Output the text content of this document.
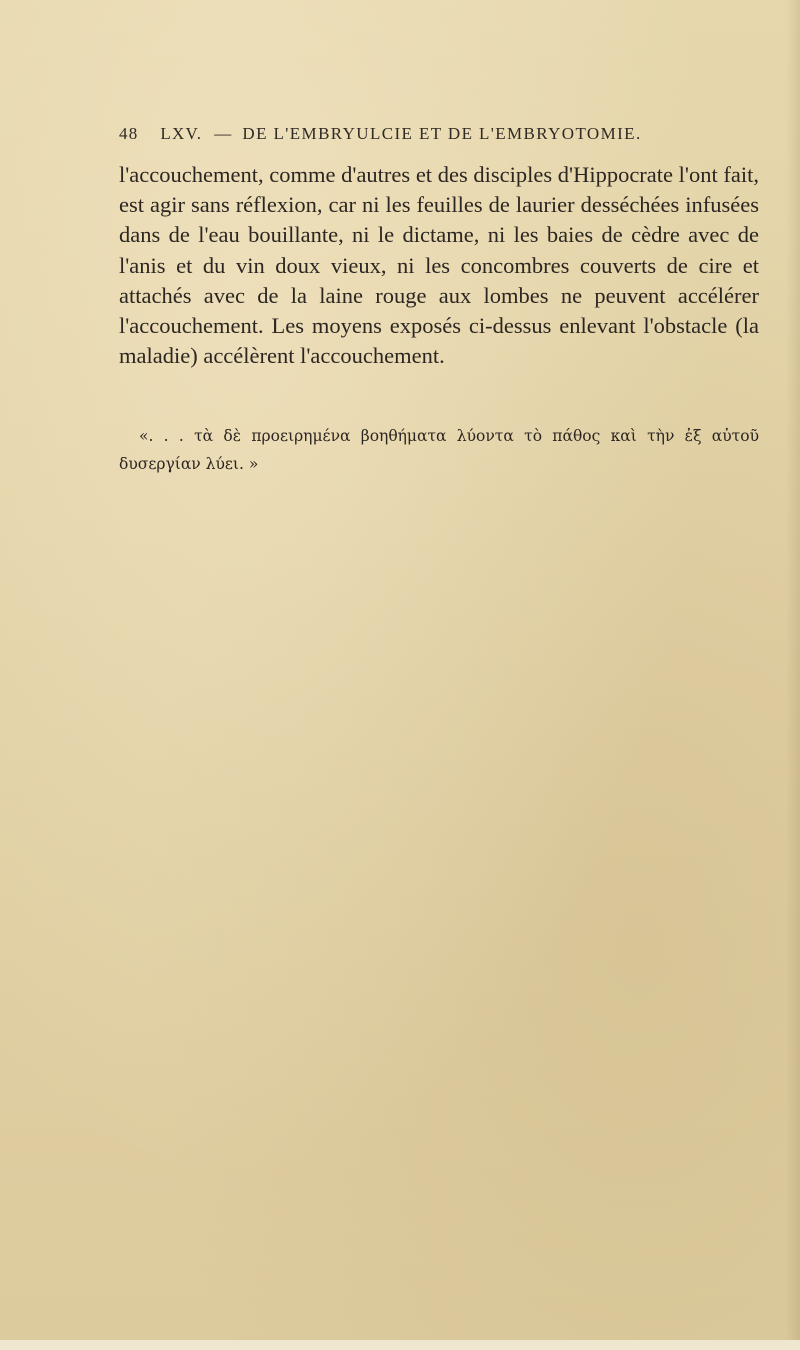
48 LXV. — DE L'EMBRYULCIE ET DE L'EMBRYOTOMIE.
l'accouchement, comme d'autres et des disciples d'Hippocrate l'ont fait, est agir sans réflexion, car ni les feuilles de laurier desséchées infusées dans de l'eau bouillante, ni le dictame, ni les baies de cèdre avec de l'anis et du vin doux vieux, ni les concombres couverts de cire et attachés avec de la laine rouge aux lombes ne peuvent accélérer l'accouchement. Les moyens exposés ci-dessus enlevant l'obstacle (la maladie) accélèrent l'accouchement.
«. . . τὰ δὲ προειρημένα βοηθήματα λύοντα τὸ πάθος καὶ τὴν ἐξ αὐτοῦ δυσεργίαν λύει. »
